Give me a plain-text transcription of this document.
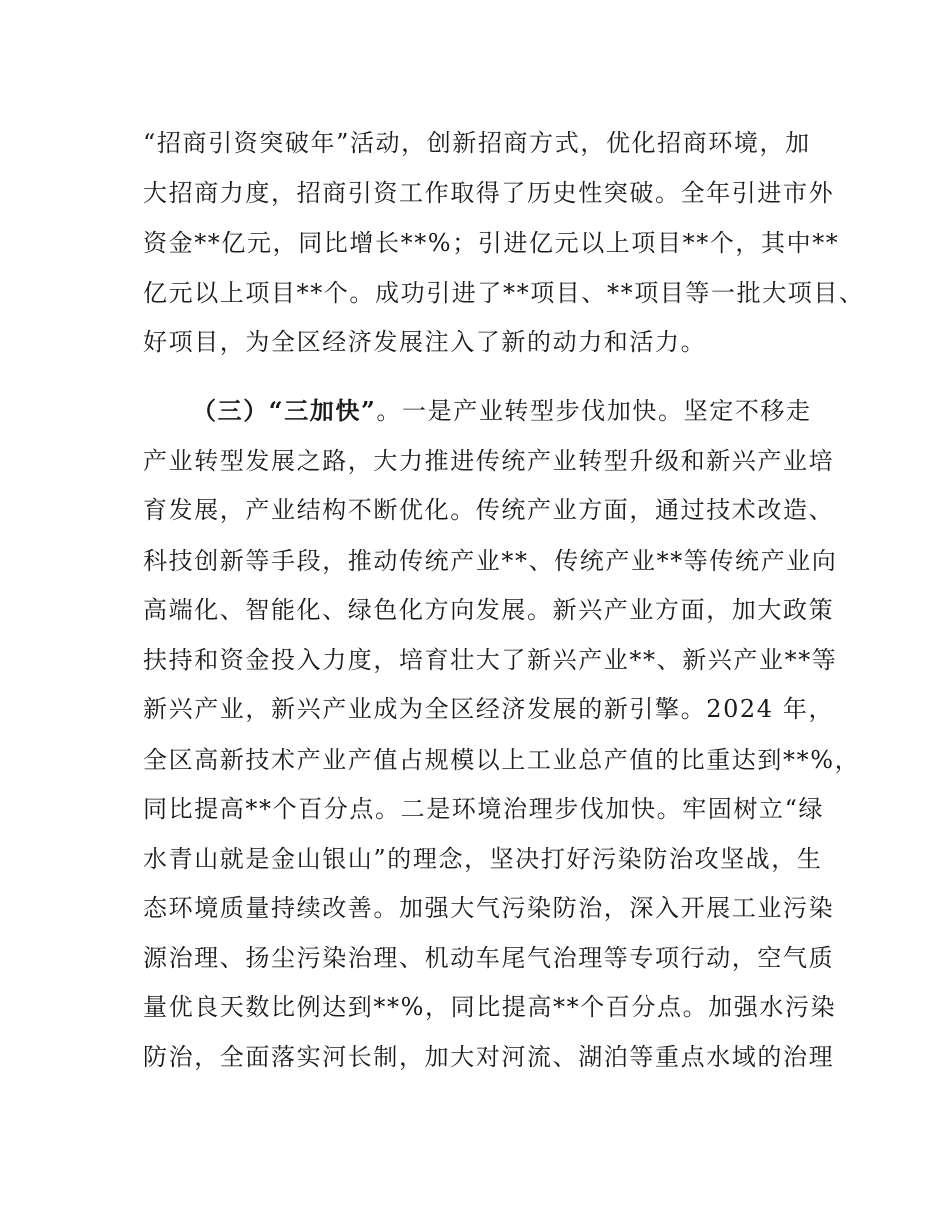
“招商引资突破年”活动，创新招商方式，优化招商环境，加
大招商力度，招商引资工作取得了历史性突破。全年引进市外
资金**亿元，同比增长**%；引进亿元以上项目**个，其中**
亿元以上项目**个。成功引进了**项目、**项目等一批大项目、
好项目，为全区经济发展注入了新的动力和活力。
（三）“三加快”。一是产业转型步伐加快。坚定不移走
产业转型发展之路，大力推进传统产业转型升级和新兴产业培
育发展，产业结构不断优化。传统产业方面，通过技术改造、
科技创新等手段，推动传统产业**、传统产业**等传统产业向
高端化、智能化、绿色化方向发展。新兴产业方面，加大政策
扶持和资金投入力度，培育壮大了新兴产业**、新兴产业**等
新兴产业，新兴产业成为全区经济发展的新引擎。2024 年，
全区高新技术产业产值占规模以上工业总产值的比重达到**%，
同比提高**个百分点。二是环境治理步伐加快。牢固树立“绿
水青山就是金山银山”的理念，坚决打好污染防治攻坚战，生
态环境质量持续改善。加强大气污染防治，深入开展工业污染
源治理、扬尘污染治理、机动车尾气治理等专项行动，空气质
量优良天数比例达到**%，同比提高**个百分点。加强水污染
防治，全面落实河长制，加大对河流、湖泊等重点水域的治理
